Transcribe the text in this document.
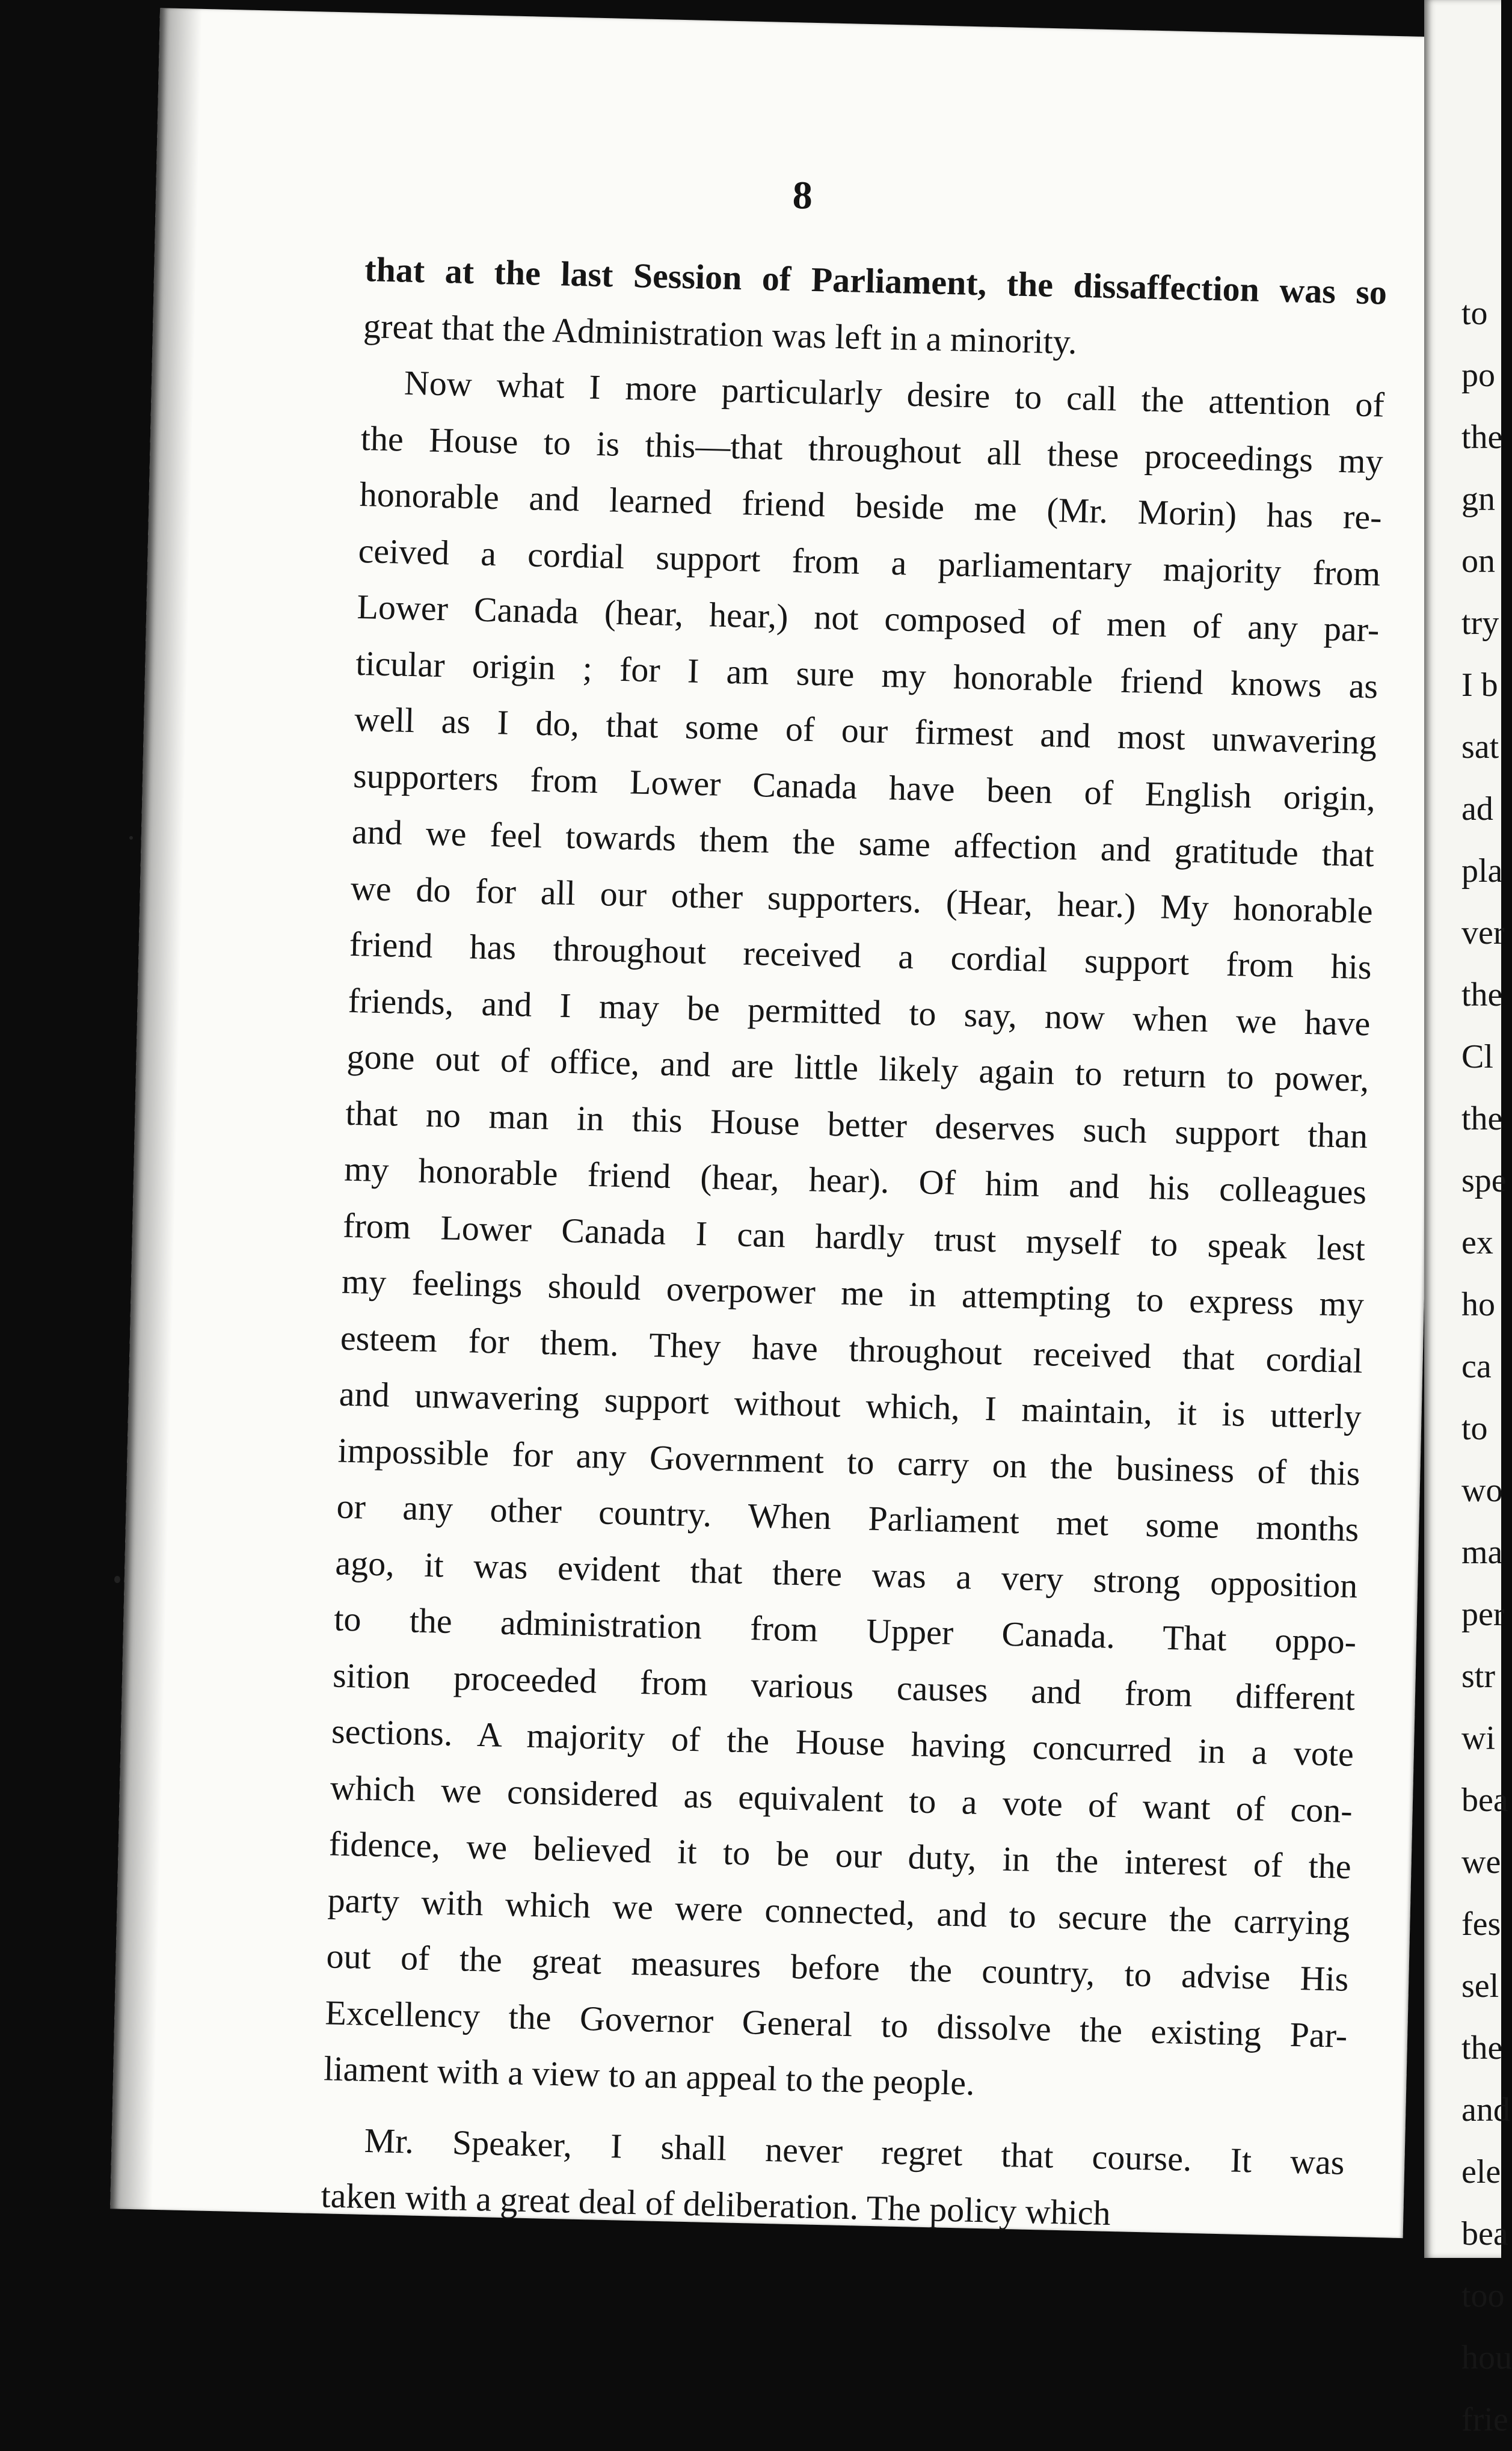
8
that at the last Session of Parliament, the dissaffection was so
great that the Administration was left in a minority.
Now what I more particularly desire to call the attention of
the House to is this—that throughout all these proceedings my
honorable and learned friend beside me (Mr. Morin) has re-
ceived a cordial support from a parliamentary majority from
Lower Canada (hear, hear,) not composed of men of any par-
ticular origin ; for I am sure my honorable friend knows as
well as I do, that some of our firmest and most unwavering
supporters from Lower Canada have been of English origin,
and we feel towards them the same affection and gratitude that
we do for all our other supporters. (Hear, hear.) My honorable
friend has throughout received a cordial support from his
friends, and I may be permitted to say, now when we have
gone out of office, and are little likely again to return to power,
that no man in this House better deserves such support than
my honorable friend (hear, hear). Of him and his colleagues
from Lower Canada I can hardly trust myself to speak lest
my feelings should overpower me in attempting to express my
esteem for them. They have throughout received that cordial
and unwavering support without which, I maintain, it is utterly
impossible for any Government to carry on the business of this
or any other country. When Parliament met some months
ago, it was evident that there was a very strong opposition
to the administration from Upper Canada. That oppo-
sition proceeded from various causes and from different
sections. A majority of the House having concurred in a vote
which we considered as equivalent to a vote of want of con-
fidence, we believed it to be our duty, in the interest of the
party with which we were connected, and to secure the carrying
out of the great measures before the country, to advise His
Excellency the Governor General to dissolve the existing Par-
liament with a view to an appeal to the people.
Mr. Speaker, I shall never regret that course. It was
taken with a great deal of deliberation. The policy which
to
po
the
gn
on
try
I b
sat
ad
pla
ver
the
Cl
the
spe
ex
ho
ca
to
wo
ma
per
str
wi
bea
we
fes
sel
the
and
ele
bea
too
hou
frie
